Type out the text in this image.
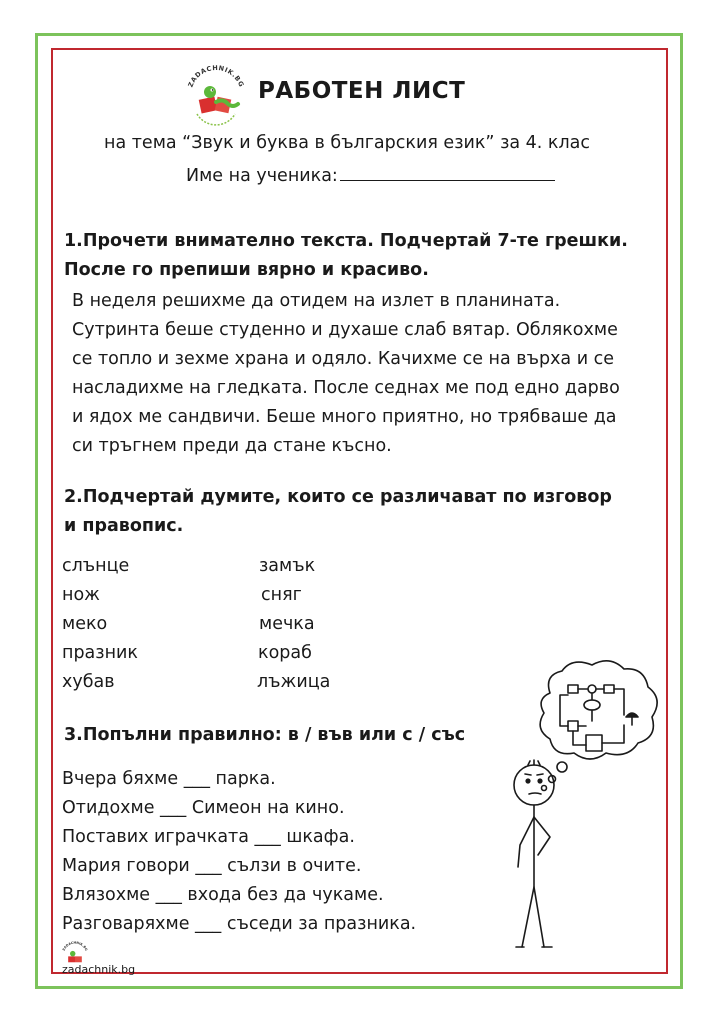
ZADACHNIK.BG РАБОТЕН ЛИСТ
на тема “Звук и буква в българския език” за 4. клас
Име на ученика:
1.Прочети внимателно текста. Подчертай 7-те грешки.
После го препиши вярно и красиво.
В неделя решихме да отидем на излет в планината.
Сутринта беше студенно и духаше слаб вятар. Облякохме
се топло и зехме храна и одяло. Качихме се на върха и се
насладихме на гледката. После седнах ме под едно дарво
и ядох ме сандвичи. Беше много приятно, но трябваше да
си тръгнем преди да стане късно.
2.Подчертай думите, които се различават по изговор
и правопис.
слънце
нож
меко
празник
хубав
замък
сняг
мечка
кораб
лъжица
3.Попълни правилно: в / във или с / със
Вчера бяхме ___ парка.
Отидохме ___ Симеон на кино.
Поставих играчката ___ шкафа.
Мария говори ___ сълзи в очите.
Влязохме ___ входа без да чукаме.
Разговаряхме ___ съседи за празника.
ZADACHNIK.BG
zadachnik.bg
